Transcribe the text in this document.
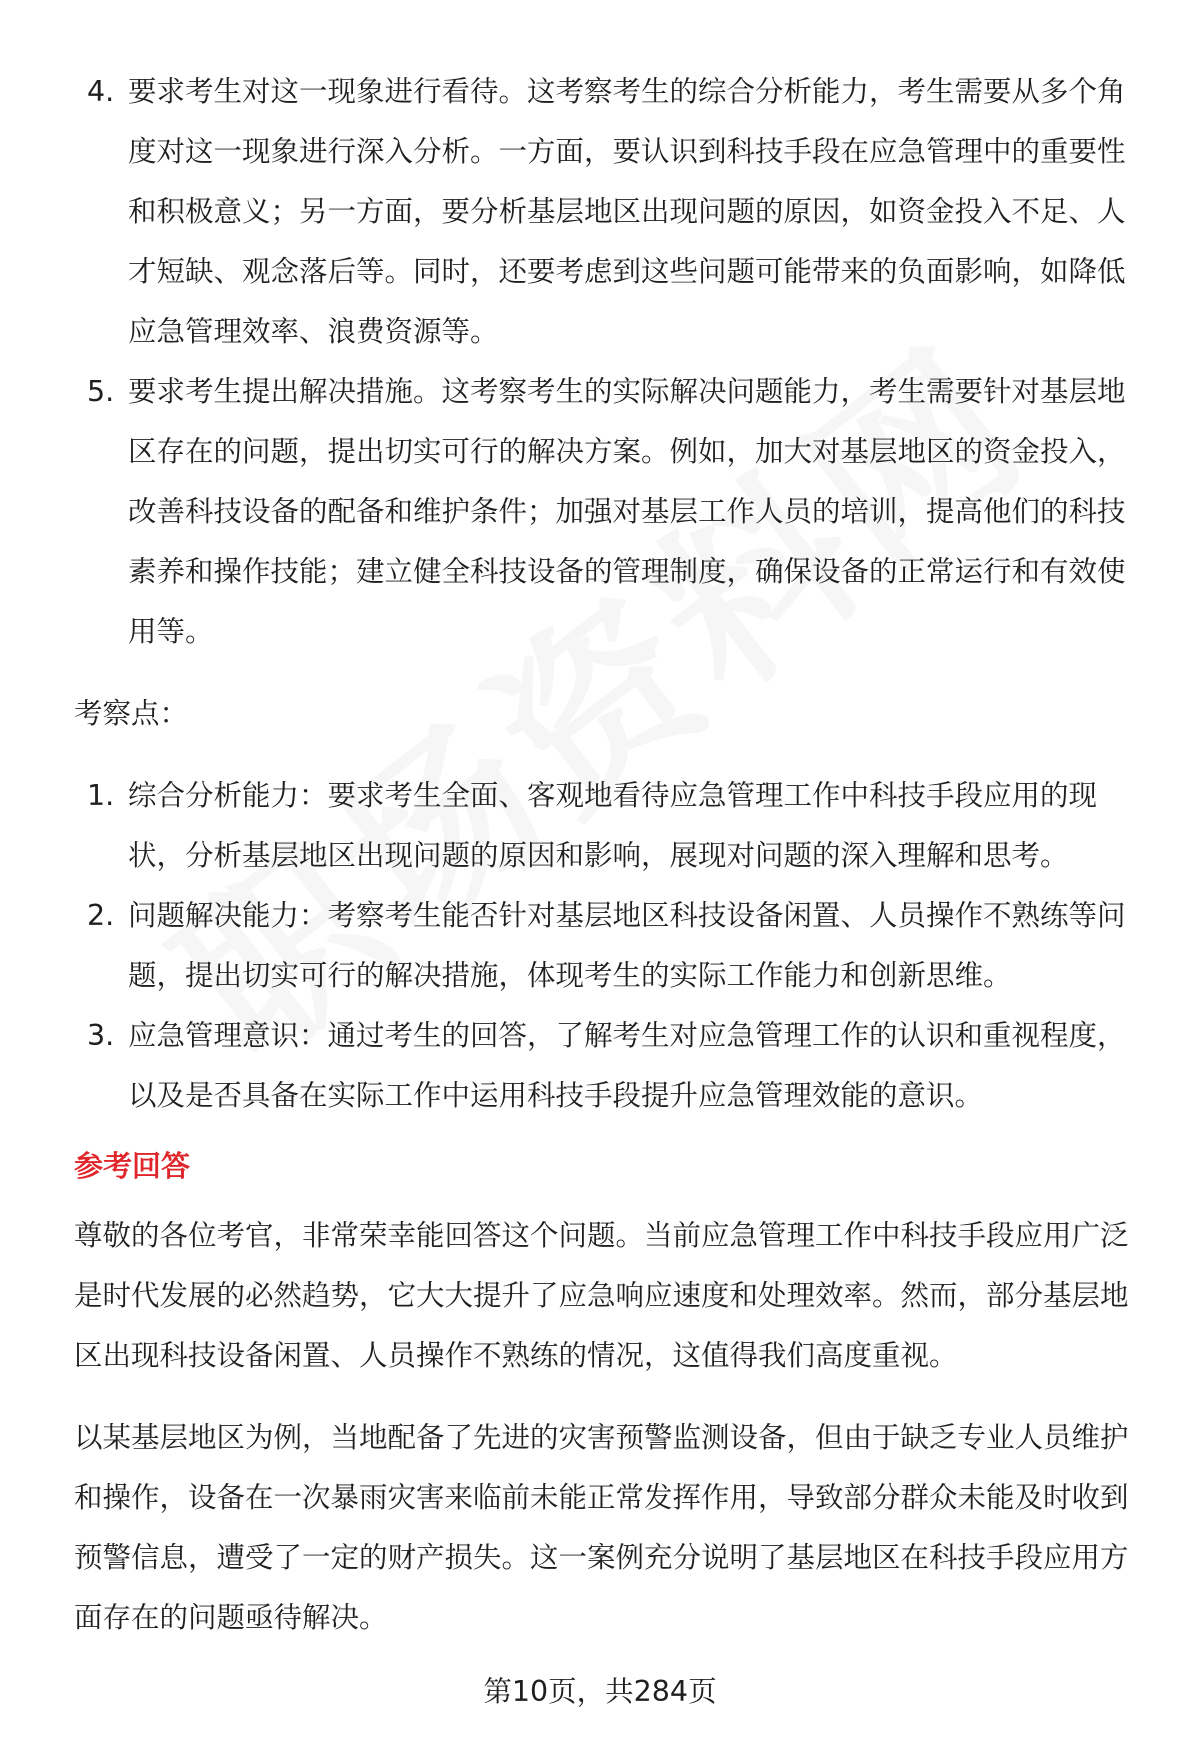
4. 要求考生对这一现象进行看待。这考察考生的综合分析能力，考生需要从多个角度对这一现象进行深入分析。一方面，要认识到科技手段在应急管理中的重要性和积极意义；另一方面，要分析基层地区出现问题的原因，如资金投入不足、人才短缺、观念落后等。同时，还要考虑到这些问题可能带来的负面影响，如降低应急管理效率、浪费资源等。
5. 要求考生提出解决措施。这考察考生的实际解决问题能力，考生需要针对基层地区存在的问题，提出切实可行的解决方案。例如，加大对基层地区的资金投入，改善科技设备的配备和维护条件；加强对基层工作人员的培训，提高他们的科技素养和操作技能；建立健全科技设备的管理制度，确保设备的正常运行和有效使用等。
考察点：
1. 综合分析能力：要求考生全面、客观地看待应急管理工作中科技手段应用的现状，分析基层地区出现问题的原因和影响，展现对问题的深入理解和思考。
2. 问题解决能力：考察考生能否针对基层地区科技设备闲置、人员操作不熟练等问题，提出切实可行的解决措施，体现考生的实际工作能力和创新思维。
3. 应急管理意识：通过考生的回答，了解考生对应急管理工作的认识和重视程度，以及是否具备在实际工作中运用科技手段提升应急管理效能的意识。
参考回答

尊敬的各位考官，非常荣幸能回答这个问题。当前应急管理工作中科技手段应用广泛是时代发展的必然趋势，它大大提升了应急响应速度和处理效率。然而，部分基层地区出现科技设备闲置、人员操作不熟练的情况，这值得我们高度重视。

以某基层地区为例，当地配备了先进的灾害预警监测设备，但由于缺乏专业人员维护和操作，设备在一次暴雨灾害来临前未能正常发挥作用，导致部分群众未能及时收到预警信息，遭受了一定的财产损失。这一案例充分说明了基层地区在科技手段应用方面存在的问题亟待解决。

第10页，共284页
